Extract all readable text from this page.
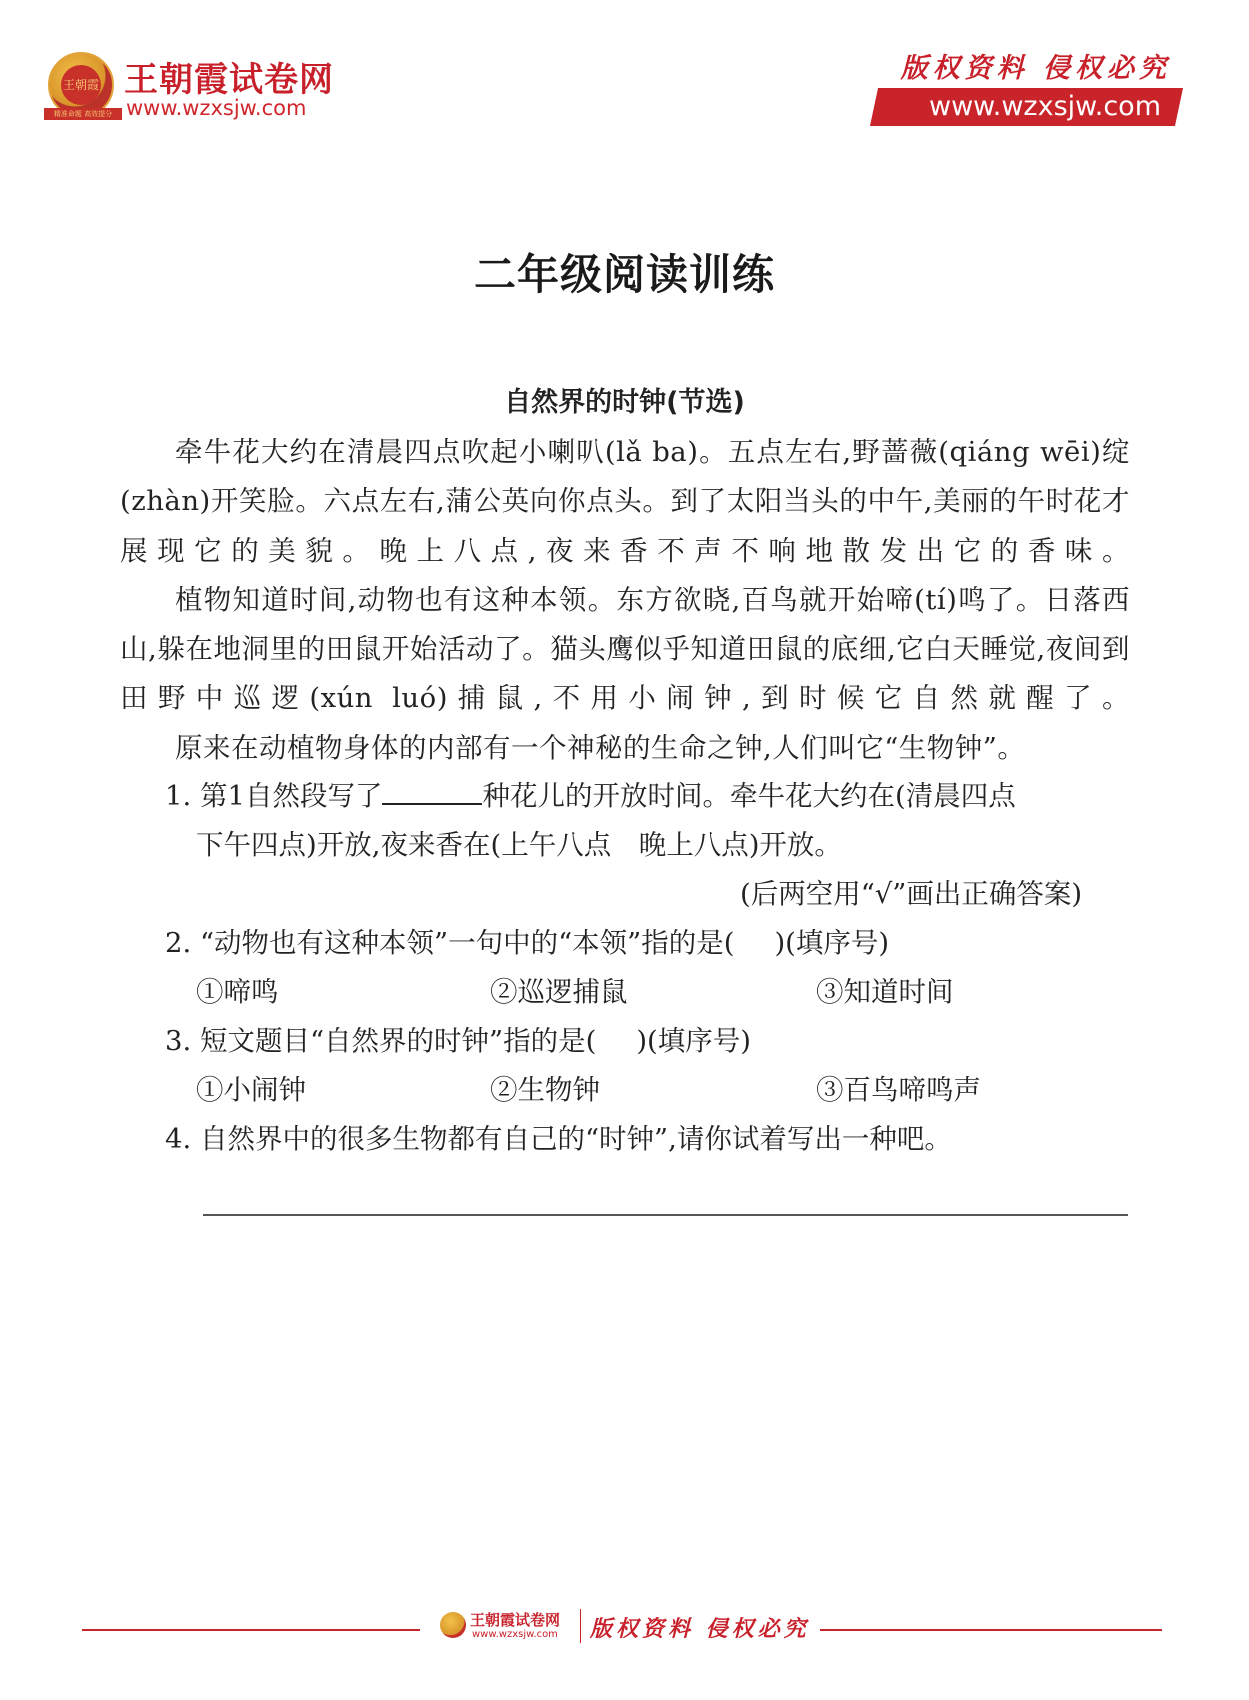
王朝霞
精准命题 高效提分
王朝霞试卷网
www.wzxsjw.com
版权资料 侵权必究
www.wzxsjw.com
二年级阅读训练
自然界的时钟(节选)

牵牛花大约在清晨四点吹起小喇叭(lǎ ba)。五点左右,野蔷薇(qiáng wēi)绽(zhàn)开笑脸。六点左右,蒲公英向你点头。到了太阳当头的中午,美丽的午时花才展现它的美貌。晚上八点,夜来香不声不响地散发出它的香味。

植物知道时间,动物也有这种本领。东方欲晓,百鸟就开始啼(tí)鸣了。日落西山,躲在地洞里的田鼠开始活动了。猫头鹰似乎知道田鼠的底细,它白天睡觉,夜间到田野中巡逻(xún luó)捕鼠,不用小闹钟,到时候它自然就醒了。

原来在动植物身体的内部有一个神秘的生命之钟,人们叫它“生物钟”。

1. 第1自然段写了	种花儿的开放时间。牵牛花大约在(清晨四点
下午四点)开放,夜来香在(上午八点　晚上八点)开放。
(后两空用“√”画出正确答案)
2. “动物也有这种本领”一句中的“本领”指的是( )(填序号)
①啼鸣	②巡逻捕鼠	③知道时间
3. 短文题目“自然界的时钟”指的是( )(填序号)
①小闹钟	②生物钟	③百鸟啼鸣声
4. 自然界中的很多生物都有自己的“时钟”,请你试着写出一种吧。
王朝霞试卷网
www.wzxsjw.com 版权资料 侵权必究
